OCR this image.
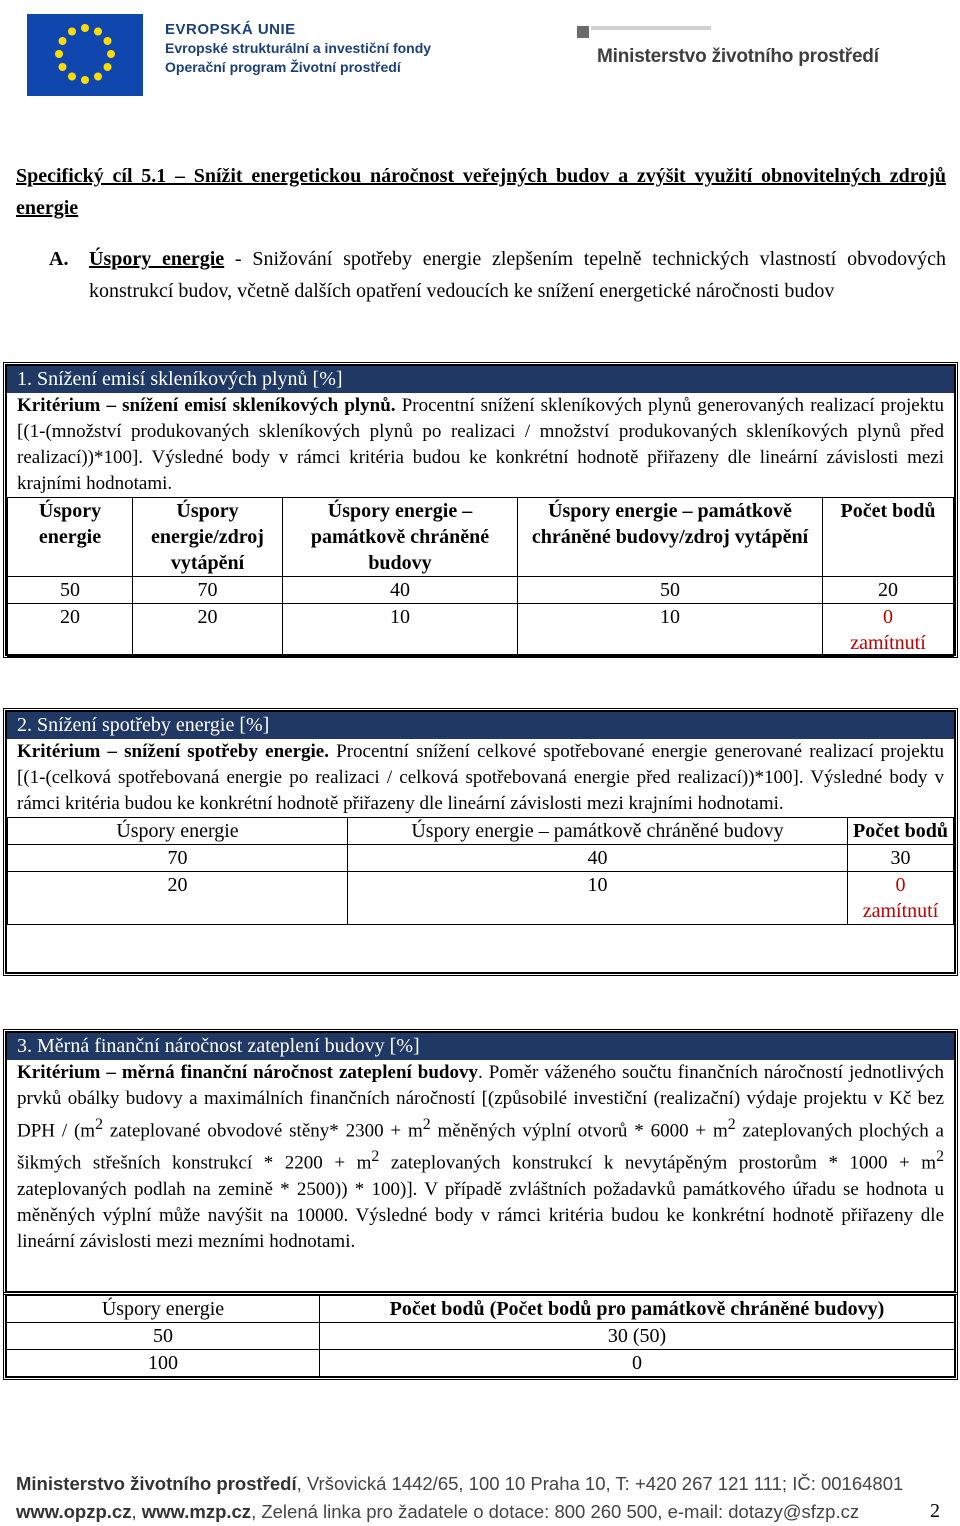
EVROPSKÁ UNIE
Evropské strukturální a investiční fondy
Operační program Životní prostředí	Ministerstvo životního prostředí
Specifický cíl 5.1 – Snížit energetickou náročnost veřejných budov a zvýšit využití obnovitelných zdrojů energie
A. Úspory energie - Snižování spotřeby energie zlepšením tepelně technických vlastností obvodových konstrukcí budov, včetně dalších opatření vedoucích ke snížení energetické náročnosti budov
1. Snížení emisí skleníkových plynů [%]
Kritérium – snížení emisí skleníkových plynů. Procentní snížení skleníkových plynů generovaných realizací projektu [(1-(množství produkovaných skleníkových plynů po realizaci / množství produkovaných skleníkových plynů před realizací))*100]. Výsledné body v rámci kritéria budou ke konkrétní hodnotě přiřazeny dle lineární závislosti mezi krajními hodnotami.
Úspory energie	Úspory energie/zdroj vytápění	Úspory energie – památkově chráněné budovy	Úspory energie – památkově chráněné budovy/zdroj vytápění	Počet bodů
50	70	40	50	20
20	20	10	10	0
zamítnutí
2. Snížení spotřeby energie [%]
Kritérium – snížení spotřeby energie. Procentní snížení celkové spotřebované energie generované realizací projektu [(1-(celková spotřebovaná energie po realizaci / celková spotřebovaná energie před realizací))*100]. Výsledné body v rámci kritéria budou ke konkrétní hodnotě přiřazeny dle lineární závislosti mezi krajními hodnotami.
Úspory energie	Úspory energie – památkově chráněné budovy	Počet bodů
70	40	30
20	10	0
zamítnutí
3. Měrná finanční náročnost zateplení budovy [%]
Kritérium – měrná finanční náročnost zateplení budovy. Poměr váženého součtu finančních náročností jednotlivých prvků obálky budovy a maximálních finančních náročností [(způsobilé investiční (realizační) výdaje projektu v Kč bez DPH / ($m^2$ zateplované obvodové stěny* $2300 + m^2$ měněných výplní otvorů * $6000 + m^2$ zateplovaných plochých a šikmých střešních konstrukcí * $2200 + m^2$ zateplovaných konstrukcí k nevytápěným prostorům * $1000 + m^2$ zateplovaných podlah na zemině * 2500)) * 100)]. V případě zvláštních požadavků památkového úřadu se hodnota u měněných výplní může navýšit na 10000. Výsledné body v rámci kritéria budou ke konkrétní hodnotě přiřazeny dle lineární závislosti mezi mezními hodnotami.
Úspory energie	Počet bodů (Počet bodů pro památkově chráněné budovy)
50	30 (50)
100	0
Ministerstvo životního prostředí, Vršovická 1442/65, 100 10 Praha 10, T: +420 267 121 111; IČ: 00164801
www.opzp.cz, www.mzp.cz, Zelená linka pro žadatele o dotace: 800 260 500, e-mail: dotazy@sfzp.cz	2
